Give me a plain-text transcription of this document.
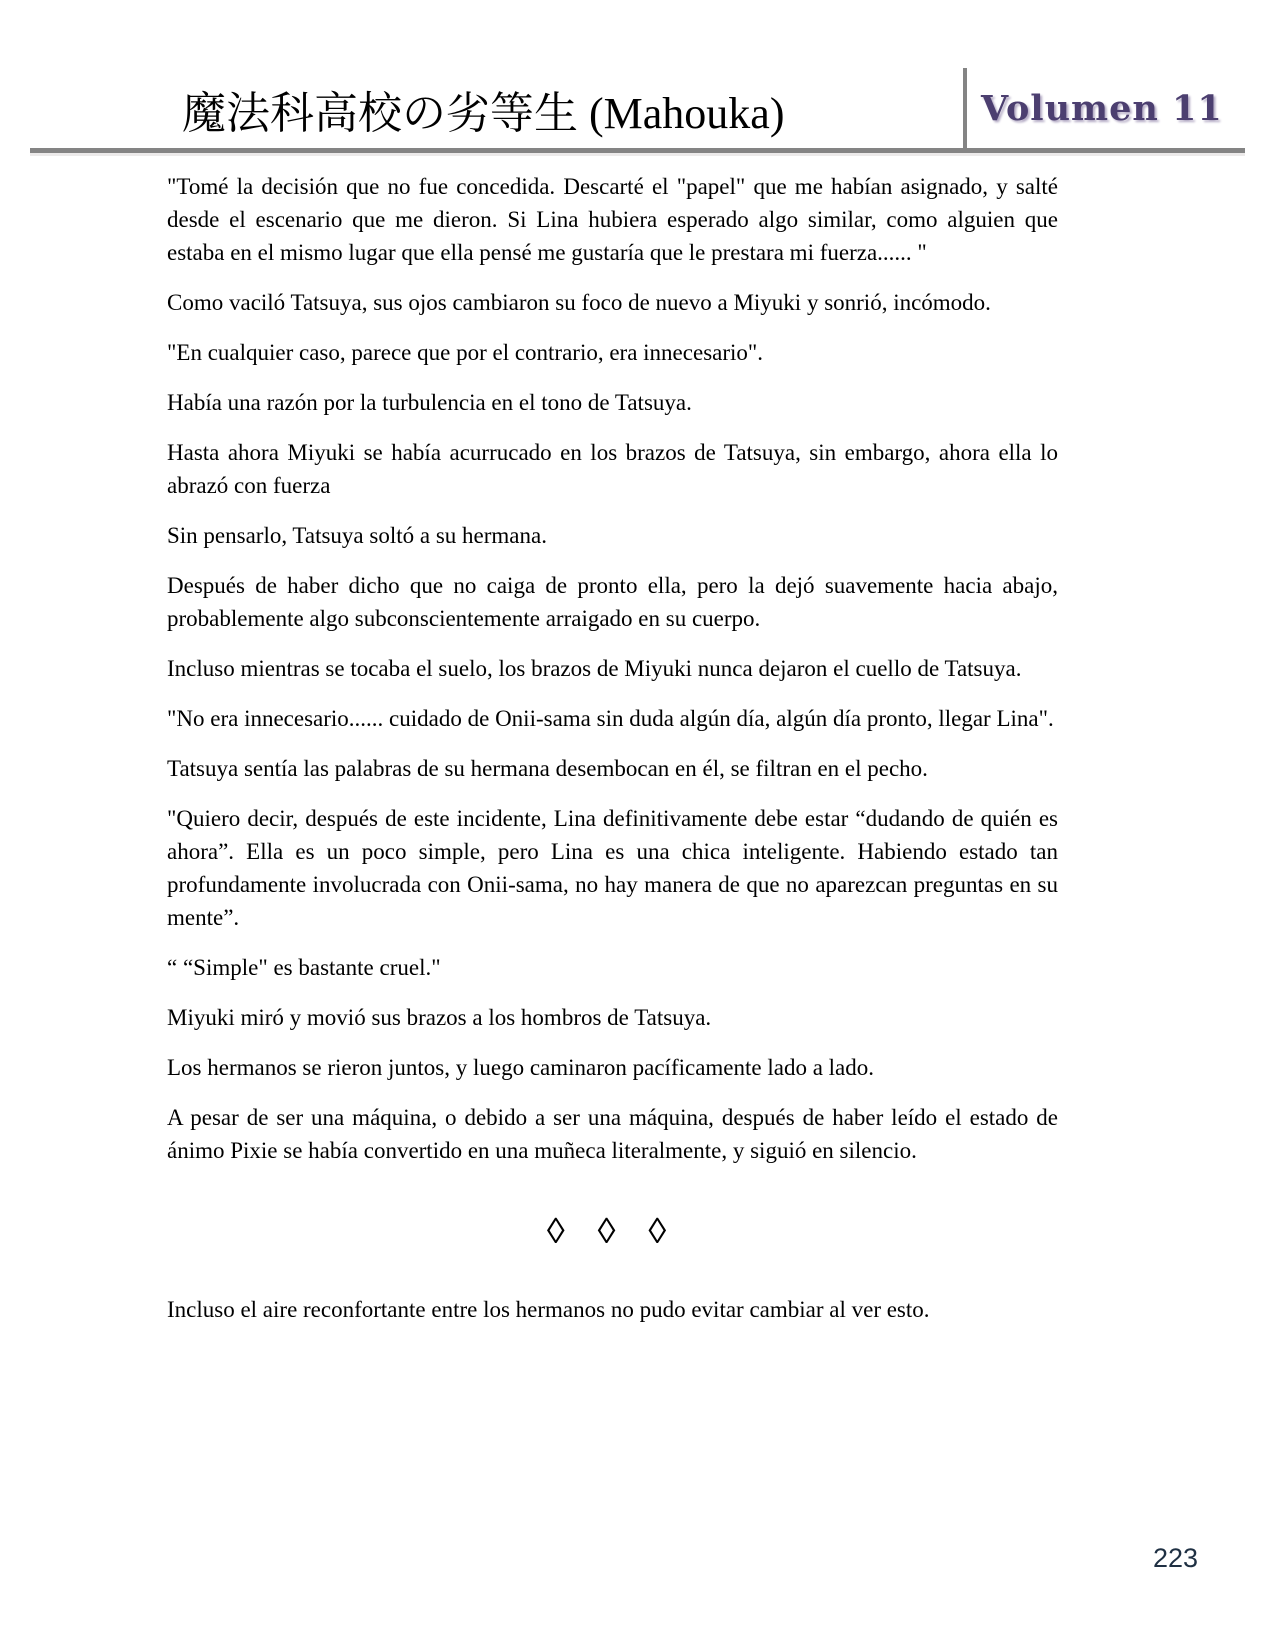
魔法科高校の劣等生 (Mahouka)	Volumen 11

"Tomé la decisión que no fue concedida. Descarté el "papel" que me habían asignado, y salté desde el escenario que me dieron. Si Lina hubiera esperado algo similar, como alguien que estaba en el mismo lugar que ella pensé me gustaría que le prestara mi fuerza...... "

Como vaciló Tatsuya, sus ojos cambiaron su foco de nuevo a Miyuki y sonrió, incómodo.

"En cualquier caso, parece que por el contrario, era innecesario".

Había una razón por la turbulencia en el tono de Tatsuya.

Hasta ahora Miyuki se había acurrucado en los brazos de Tatsuya, sin embargo, ahora ella lo abrazó con fuerza

Sin pensarlo, Tatsuya soltó a su hermana.

Después de haber dicho que no caiga de pronto ella, pero la dejó suavemente hacia abajo, probablemente algo subconscientemente arraigado en su cuerpo.

Incluso mientras se tocaba el suelo, los brazos de Miyuki nunca dejaron el cuello de Tatsuya.

"No era innecesario...... cuidado de Onii-sama sin duda algún día, algún día pronto, llegar Lina".

Tatsuya sentía las palabras de su hermana desembocan en él, se filtran en el pecho.

"Quiero decir, después de este incidente, Lina definitivamente debe estar “dudando de quién es ahora”. Ella es un poco simple, pero Lina es una chica inteligente. Habiendo estado tan profundamente involucrada con Onii-sama, no hay manera de que no aparezcan preguntas en su mente”.

“ “Simple" es bastante cruel."

Miyuki miró y movió sus brazos a los hombros de Tatsuya.

Los hermanos se rieron juntos, y luego caminaron pacíficamente lado a lado.

A pesar de ser una máquina, o debido a ser una máquina, después de haber leído el estado de ánimo Pixie se había convertido en una muñeca literalmente, y siguió en silencio.

◊ ◊ ◊

Incluso el aire reconfortante entre los hermanos no pudo evitar cambiar al ver esto.

223
